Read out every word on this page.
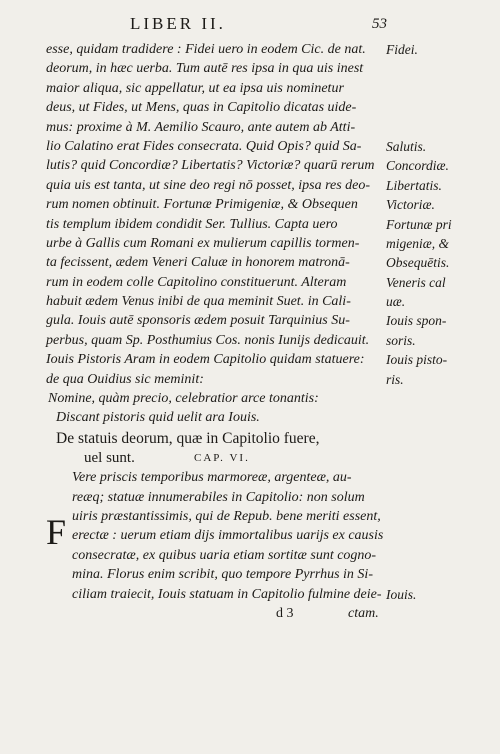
LIBER II.	53
esse, quidam tradidere : Fidei uero in eodem Cic. de nat. Fidei.
deorum, in hæc uerba. Tum autē res ipsa in qua uis inest
maior aliqua, sic appellatur, ut ea ipsa uis nominetur
deus, ut Fides, ut Mens, quas in Capitolio dicatas uide-
mus: proxime à M. Aemilio Scauro, ante autem ab Atti-
lio Calatino erat Fides consecrata. Quid Opis? quid Sa- Salutis.
lutis? quid Concordiæ? Libertatis? Victoriæ? quarū rerum Concordiæ.
quia uis est tanta, ut sine deo regi nō posset, ipsa res deo- Libertatis.
rum nomen obtinuit. Fortunæ Primigeniæ, & Obsequen Victoriæ.
tis templum ibidem condidit Ser. Tullius. Capta uero	Fortunæ pri
urbe à Gallis cum Romani ex mulierum capillis tormen- migeniæ, &
ta fecissent, ædem Veneri Caluæ in honorem matronā-	Obsequētis.
rum in eodem colle Capitolino constituerunt. Alteram	Veneris cal
habuit ædem Venus inibi de qua meminit Suet. in Cali-	uæ.
gula. Iouis autē sponsoris ædem posuit Tarquinius Su-	Iouis spon-
perbus, quam Sp. Posthumius Cos. nonis Iunijs dedicauit. soris.
Iouis Pistoris Aram in eodem Capitolio quidam statuere: Iouis pisto-
de qua Ouidius sic meminit:	ris.
Nomine, quàm precio, celebratior arce tonantis:
Discant pistoris quid uelit ara Iouis.
De statuis deorum, quæ in Capitolio fuere,
uel sunt.	CAP. VI.
Vere priscis temporibus marmoreæ, argenteæ, au-
reæq; statuæ innumerabiles in Capitolio: non solum
uiris præstantissimis, qui de Repub. bene meriti essent,
erectæ : uerum etiam dijs immortalibus uarijs ex causis
consecratæ, ex quibus uaria etiam sortitæ sunt cogno-
mina. Florus enim scribit, quo tempore Pyrrhus in Si-
ciliam traiecit, Iouis statuam in Capitolio fulmine deie- Iouis.
d 3	ctam.
F
